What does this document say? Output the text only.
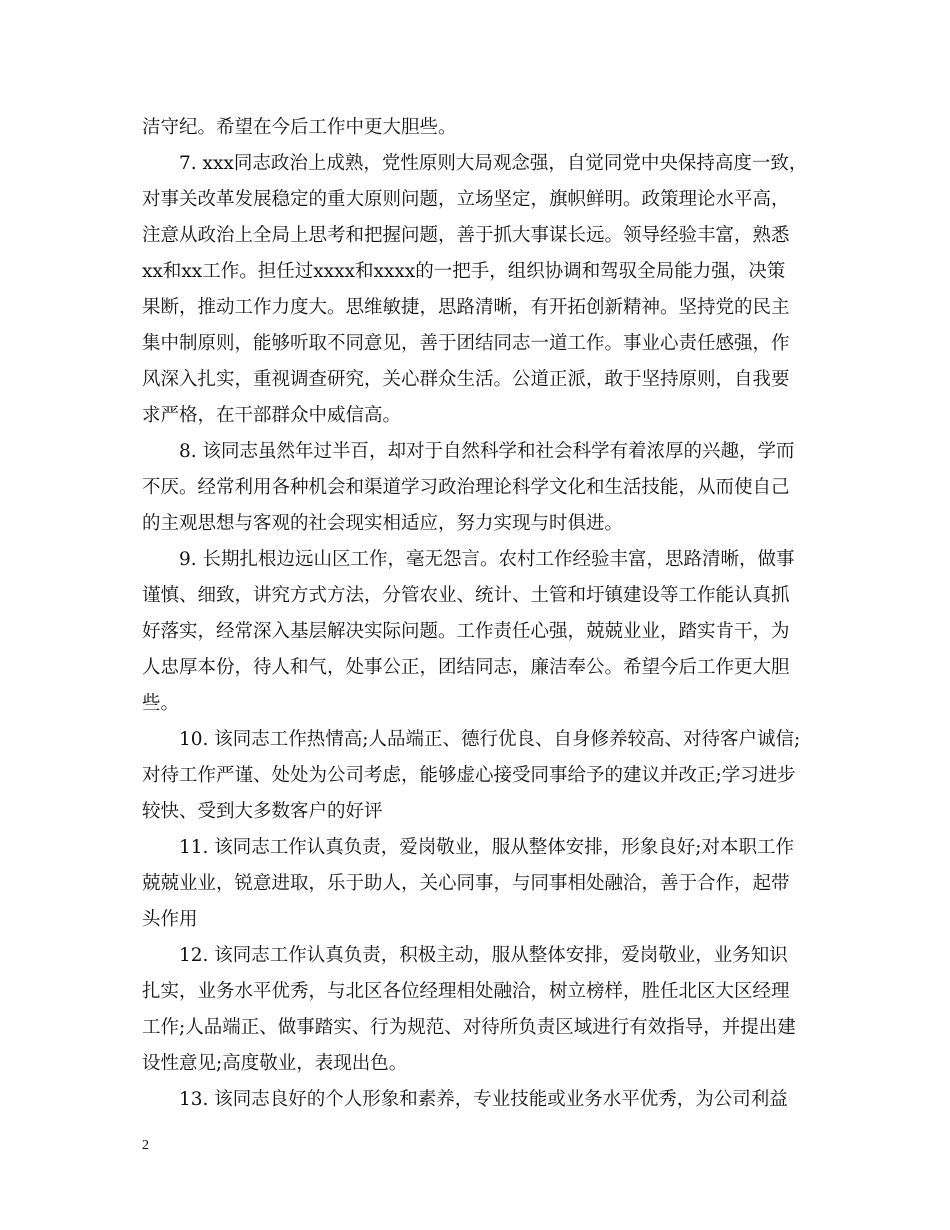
洁守纪。希望在今后工作中更大胆些。
　　7. xxx同志政治上成熟，党性原则大局观念强，自觉同党中央保持高度一致，
对事关改革发展稳定的重大原则问题，立场坚定，旗帜鲜明。政策理论水平高，
注意从政治上全局上思考和把握问题，善于抓大事谋长远。领导经验丰富，熟悉
xx和xx工作。担任过xxxx和xxxx的一把手，组织协调和驾驭全局能力强，决策
果断，推动工作力度大。思维敏捷，思路清晰，有开拓创新精神。坚持党的民主
集中制原则，能够听取不同意见，善于团结同志一道工作。事业心责任感强，作
风深入扎实，重视调查研究，关心群众生活。公道正派，敢于坚持原则，自我要
求严格，在干部群众中威信高。
　　8. 该同志虽然年过半百，却对于自然科学和社会科学有着浓厚的兴趣，学而
不厌。经常利用各种机会和渠道学习政治理论科学文化和生活技能，从而使自己
的主观思想与客观的社会现实相适应，努力实现与时俱进。
　　9. 长期扎根边远山区工作，毫无怨言。农村工作经验丰富，思路清晰，做事
谨慎、细致，讲究方式方法，分管农业、统计、土管和圩镇建设等工作能认真抓
好落实，经常深入基层解决实际问题。工作责任心强，兢兢业业，踏实肯干，为
人忠厚本份，待人和气，处事公正，团结同志，廉洁奉公。希望今后工作更大胆
些。
　　10. 该同志工作热情高;人品端正、德行优良、自身修养较高、对待客户诚信;
对待工作严谨、处处为公司考虑，能够虚心接受同事给予的建议并改正;学习进步
较快、受到大多数客户的好评
　　11. 该同志工作认真负责，爱岗敬业，服从整体安排，形象良好;对本职工作
兢兢业业，锐意进取，乐于助人，关心同事，与同事相处融洽，善于合作，起带
头作用
　　12. 该同志工作认真负责，积极主动，服从整体安排，爱岗敬业，业务知识
扎实，业务水平优秀，与北区各位经理相处融洽，树立榜样，胜任北区大区经理
工作;人品端正、做事踏实、行为规范、对待所负责区域进行有效指导，并提出建
设性意见;高度敬业，表现出色。
　　13. 该同志良好的个人形象和素养，专业技能或业务水平优秀，为公司利益
2
